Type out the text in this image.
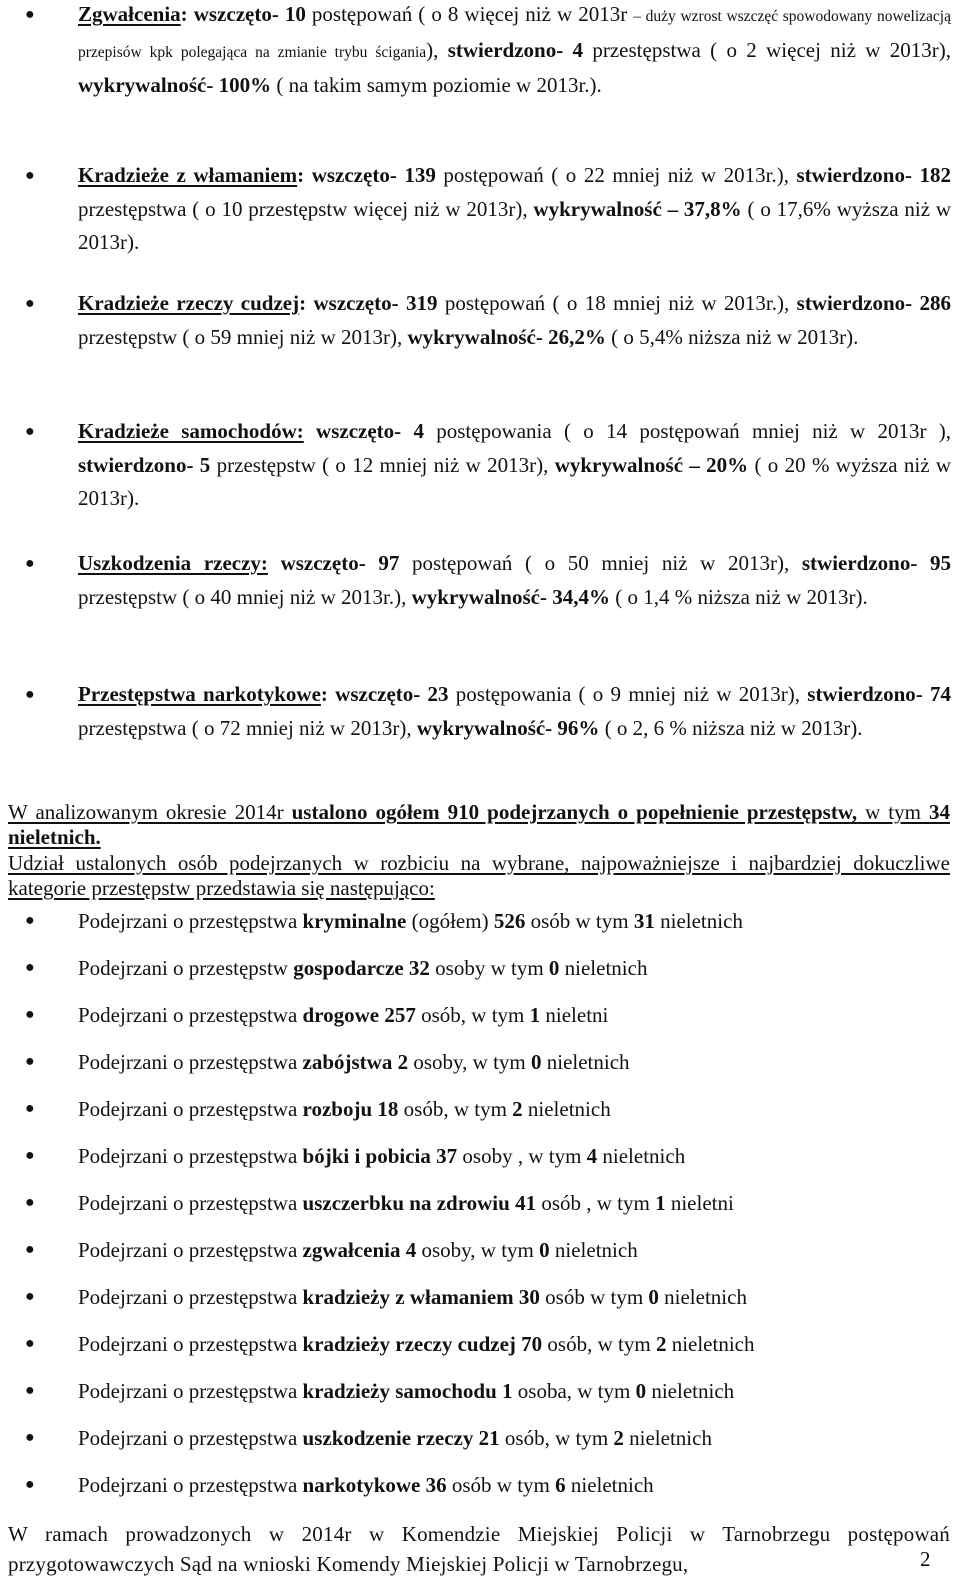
● Zgwałcenia: wszczęto- 10 postępowań ( o 8 więcej niż w 2013r – duży wzrost wszczęć spowodowany nowelizacją przepisów kpk polegająca na zmianie trybu ścigania), stwierdzono- 4 przestępstwa ( o 2 więcej niż w 2013r), wykrywalność- 100% ( na takim samym poziomie w 2013r.).
● Kradzieże z włamaniem: wszczęto- 139 postępowań ( o 22 mniej niż w 2013r.), stwierdzono- 182 przestępstwa ( o 10 przestępstw więcej niż w 2013r), wykrywalność – 37,8% ( o 17,6% wyższa niż w 2013r).
● Kradzieże rzeczy cudzej: wszczęto- 319 postępowań ( o 18 mniej niż w 2013r.), stwierdzono- 286 przestępstw ( o 59 mniej niż w 2013r), wykrywalność- 26,2% ( o 5,4% niższa niż w 2013r).
● Kradzieże samochodów: wszczęto- 4 postępowania ( o 14 postępowań mniej niż w 2013r ), stwierdzono- 5 przestępstw ( o 12 mniej niż w 2013r), wykrywalność – 20% ( o 20 % wyższa niż w 2013r).
● Uszkodzenia rzeczy: wszczęto- 97 postępowań ( o 50 mniej niż w 2013r), stwierdzono- 95 przestępstw ( o 40 mniej niż w 2013r.), wykrywalność- 34,4% ( o 1,4 % niższa niż w 2013r).
● Przestępstwa narkotykowe: wszczęto- 23 postępowania ( o 9 mniej niż w 2013r), stwierdzono- 74 przestępstwa ( o 72 mniej niż w 2013r), wykrywalność- 96% ( o 2, 6 % niższa niż w 2013r).
W analizowanym okresie 2014r ustalono ogółem 910 podejrzanych o popełnienie przestępstw, w tym 34 nieletnich.
Udział ustalonych osób podejrzanych w rozbiciu na wybrane, najpoważniejsze i najbardziej dokuczliwe kategorie przestępstw przedstawia się następująco:
● Podejrzani o przestępstwa kryminalne (ogółem) 526 osób w tym 31 nieletnich
● Podejrzani o przestępstw gospodarcze 32 osoby w tym 0 nieletnich
● Podejrzani o przestępstwa drogowe 257 osób, w tym 1 nieletni
● Podejrzani o przestępstwa zabójstwa 2 osoby, w tym 0 nieletnich
● Podejrzani o przestępstwa rozboju 18 osób, w tym 2 nieletnich
● Podejrzani o przestępstwa bójki i pobicia 37 osoby , w tym 4 nieletnich
● Podejrzani o przestępstwa uszczerbku na zdrowiu 41 osób , w tym 1 nieletni
● Podejrzani o przestępstwa zgwałcenia 4 osoby, w tym 0 nieletnich
● Podejrzani o przestępstwa kradzieży z włamaniem 30 osób w tym 0 nieletnich
● Podejrzani o przestępstwa kradzieży rzeczy cudzej 70 osób, w tym 2 nieletnich
● Podejrzani o przestępstwa kradzieży samochodu 1 osoba, w tym 0 nieletnich
● Podejrzani o przestępstwa uszkodzenie rzeczy 21 osób, w tym 2 nieletnich
● Podejrzani o przestępstwa narkotykowe 36 osób w tym 6 nieletnich
W ramach prowadzonych w 2014r w Komendzie Miejskiej Policji w Tarnobrzegu postępowań przygotowawczych Sąd na wnioski Komendy Miejskiej Policji w Tarnobrzegu,	2
